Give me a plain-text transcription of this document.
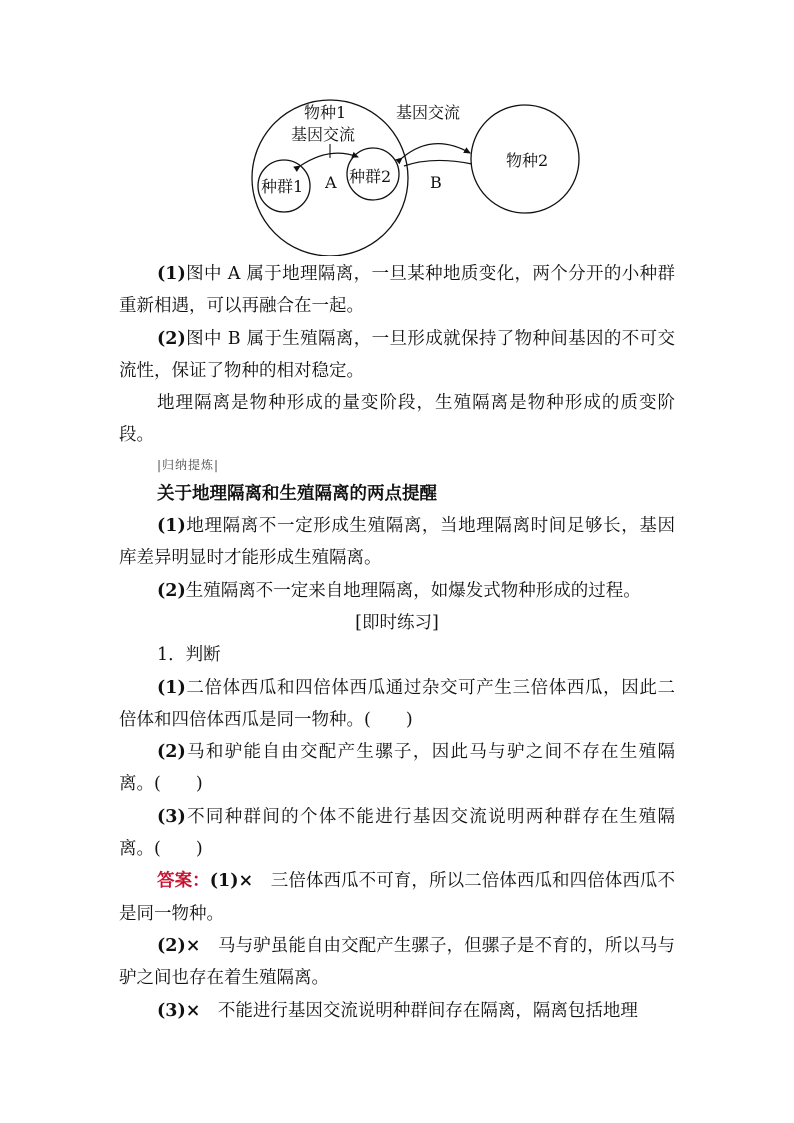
物种1
基因交流
种群1 A 种群2
基因交流
B
物种2

(1)图中 A 属于地理隔离，一旦某种地质变化，两个分开的小种群重新相遇，可以再融合在一起。

(2)图中 B 属于生殖隔离，一旦形成就保持了物种间基因的不可交流性，保证了物种的相对稳定。

地理隔离是物种形成的量变阶段，生殖隔离是物种形成的质变阶段。

|归纳提炼|

关于地理隔离和生殖隔离的两点提醒

(1)地理隔离不一定形成生殖隔离，当地理隔离时间足够长，基因库差异明显时才能形成生殖隔离。

(2)生殖隔离不一定来自地理隔离，如爆发式物种形成的过程。

[即时练习]

1．判断

(1)二倍体西瓜和四倍体西瓜通过杂交可产生三倍体西瓜，因此二倍体和四倍体西瓜是同一物种。(　　)

(2)马和驴能自由交配产生骡子，因此马与驴之间不存在生殖隔离。(　　)

(3)不同种群间的个体不能进行基因交流说明两种群存在生殖隔离。(　　)

答案：(1)×　三倍体西瓜不可育，所以二倍体西瓜和四倍体西瓜不是同一物种。

(2)×　马与驴虽能自由交配产生骡子，但骡子是不育的，所以马与驴之间也存在着生殖隔离。

(3)×　不能进行基因交流说明种群间存在隔离，隔离包括地理
